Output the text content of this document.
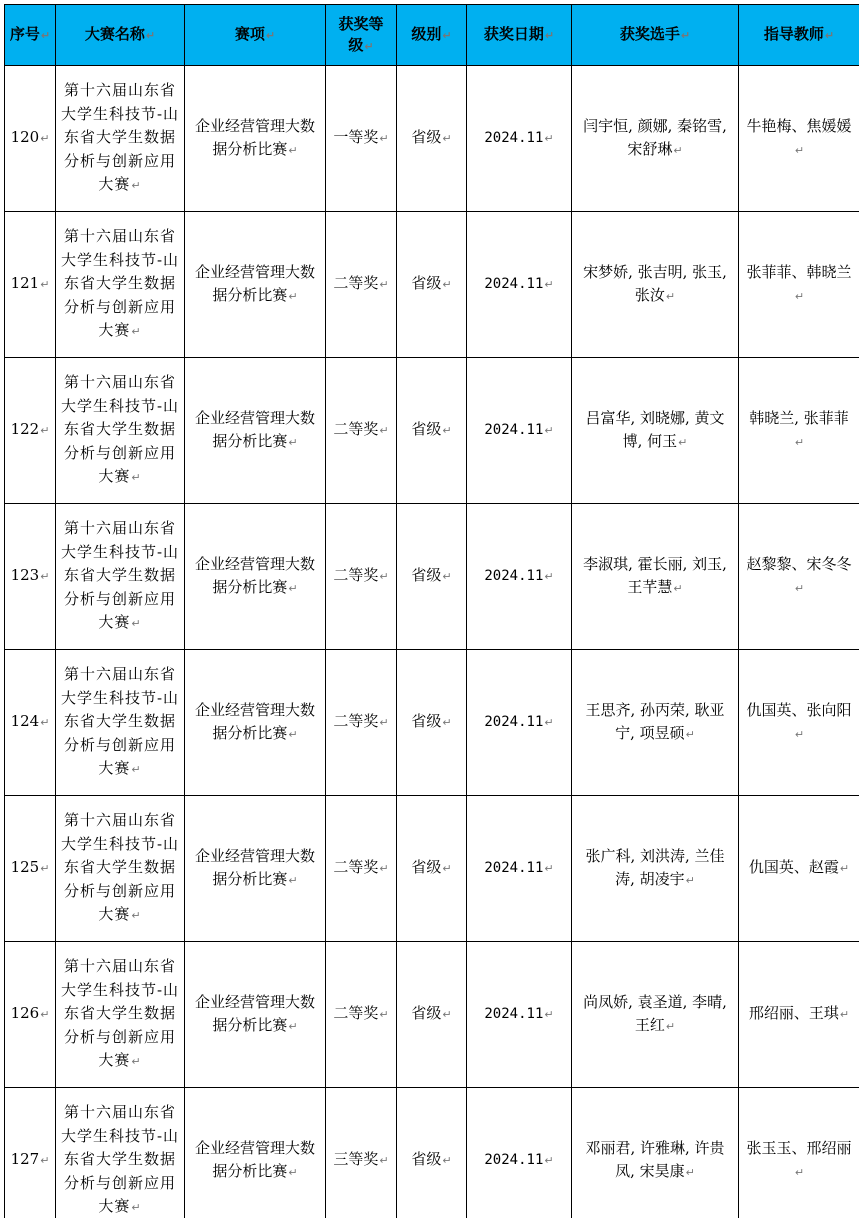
序号↵	大赛名称↵	赛项↵	获奖等级↵	级别↵	获奖日期↵	获奖选手↵	指导教师↵
120↵	第十六届山东省大学生科技节-山东省大学生数据分析与创新应用大赛↵	企业经营管理大数据分析比赛↵	一等奖↵	省级↵	2024.11↵	闫宇恒, 颜娜, 秦铭雪, 宋舒琳↵	牛艳梅、焦媛媛↵
121↵	第十六届山东省大学生科技节-山东省大学生数据分析与创新应用大赛↵	企业经营管理大数据分析比赛↵	二等奖↵	省级↵	2024.11↵	宋梦娇, 张吉明, 张玉, 张汝↵	张菲菲、韩晓兰↵
122↵	第十六届山东省大学生科技节-山东省大学生数据分析与创新应用大赛↵	企业经营管理大数据分析比赛↵	二等奖↵	省级↵	2024.11↵	吕富华, 刘晓娜, 黄文博, 何玉↵	韩晓兰, 张菲菲↵
123↵	第十六届山东省大学生科技节-山东省大学生数据分析与创新应用大赛↵	企业经营管理大数据分析比赛↵	二等奖↵	省级↵	2024.11↵	李淑琪, 霍长丽, 刘玉, 王芊慧↵	赵黎黎、宋冬冬↵
124↵	第十六届山东省大学生科技节-山东省大学生数据分析与创新应用大赛↵	企业经营管理大数据分析比赛↵	二等奖↵	省级↵	2024.11↵	王思齐, 孙丙荣, 耿亚宁, 项昱硕↵	仇国英、张向阳↵
125↵	第十六届山东省大学生科技节-山东省大学生数据分析与创新应用大赛↵	企业经营管理大数据分析比赛↵	二等奖↵	省级↵	2024.11↵	张广科, 刘洪涛, 兰佳涛, 胡凌宇↵	仇国英、赵霞↵
126↵	第十六届山东省大学生科技节-山东省大学生数据分析与创新应用大赛↵	企业经营管理大数据分析比赛↵	二等奖↵	省级↵	2024.11↵	尚凤娇, 袁圣道, 李晴, 王红↵	邢绍丽、王琪↵
127↵	第十六届山东省大学生科技节-山东省大学生数据分析与创新应用大赛↵	企业经营管理大数据分析比赛↵	三等奖↵	省级↵	2024.11↵	邓丽君, 许雅琳, 许贵凤, 宋昊康↵	张玉玉、邢绍丽↵
